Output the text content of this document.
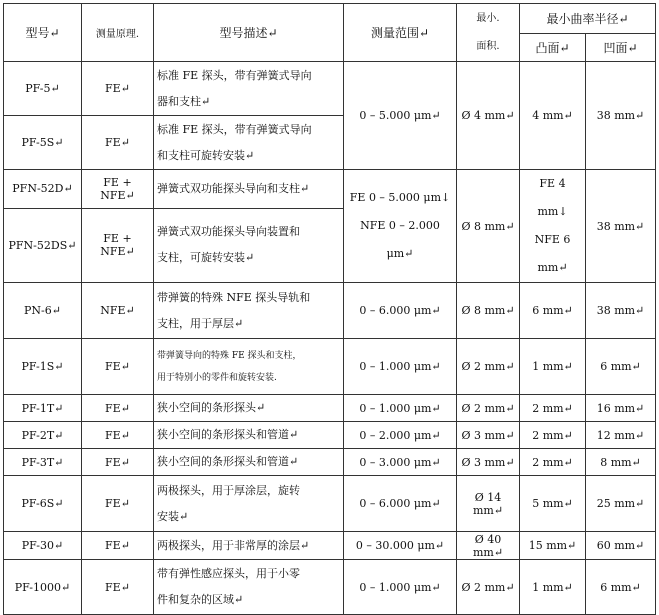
型号↵	测量原理.	型号描述↵	测量范围↵	最小.
面积.	最小曲率半径↵	
					凸面↵	凹面↵
PF-5↵	FE↵	标准 FE 探头，带有弹簧式导向
器和支柱↵	0 – 5.000 μm↵	Ø 4 mm↵	4 mm↵	38 mm↵
PF-5S↵	FE↵	标准 FE 探头，带有弹簧式导向
和支柱可旋转安装↵				

PFN-52D↵	FE + NFE↵	弹簧式双功能探头导向和支柱↵	FE 0 – 5.000 μm↓
NFE 0 – 2.000 μm↵	Ø 8 mm↵	FE 4 mm↓
NFE 6 mm↵	38 mm↵
PFN-52DS↵	FE + NFE↵	弹簧式双功能探头导向装置和
支柱，可旋转安装↵				

PN-6↵	NFE↵	带弹簧的特殊 NFE 探头导轨和
支柱，用于厚层↵	0 – 6.000 μm↵	Ø 8 mm↵	6 mm↵	38 mm↵
PF-1S↵	FE↵	带弹簧导向的特殊 FE 探头和支柱，
用于特别小的零件和旋转安装.	0 – 1.000 μm↵	Ø 2 mm↵	1 mm↵	6 mm↵
PF-1T↵	FE↵	狭小空间的条形探头↵	0 – 1.000 μm↵	Ø 2 mm↵	2 mm↵	16 mm↵
PF-2T↵	FE↵	狭小空间的条形探头和管道↵	0 – 2.000 μm↵	Ø 3 mm↵	2 mm↵	12 mm↵
PF-3T↵	FE↵	狭小空间的条形探头和管道↵	0 – 3.000 μm↵	Ø 3 mm↵	2 mm↵	8 mm↵
PF-6S↵	FE↵	两极探头，用于厚涂层，旋转
安装↵	0 – 6.000 μm↵	Ø 14 mm↵	5 mm↵	25 mm↵
PF-30↵	FE↵	两极探头，用于非常厚的涂层↵	0 – 30.000 μm↵	Ø 40 mm↵	15 mm↵	60 mm↵
PF-1000↵	FE↵	带有弹性感应探头，用于小零
件和复杂的区域↵	0 – 1.000 μm↵	Ø 2 mm↵	1 mm↵	6 mm↵
